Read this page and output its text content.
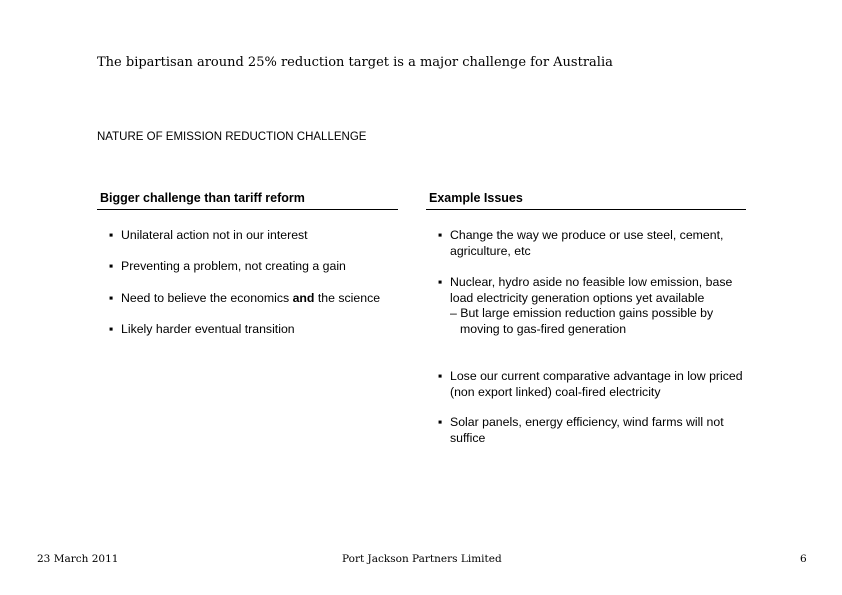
The bipartisan around 25% reduction target is a major challenge for Australia
NATURE OF EMISSION REDUCTION CHALLENGE
Bigger challenge than tariff reform
▪ Unilateral action not in our interest
▪ Preventing a problem, not creating a gain
▪ Need to believe the economics and the science
▪ Likely harder eventual transition
Example Issues
▪ Change the way we produce or use steel, cement, agriculture, etc
▪ Nuclear, hydro aside no feasible low emission, base load electricity generation options yet available
– But large emission reduction gains possible by moving to gas-fired generation
▪ Lose our current comparative advantage in low priced (non export linked) coal-fired electricity
▪ Solar panels, energy efficiency, wind farms will not suffice
23 March 2011	Port Jackson Partners Limited	6
